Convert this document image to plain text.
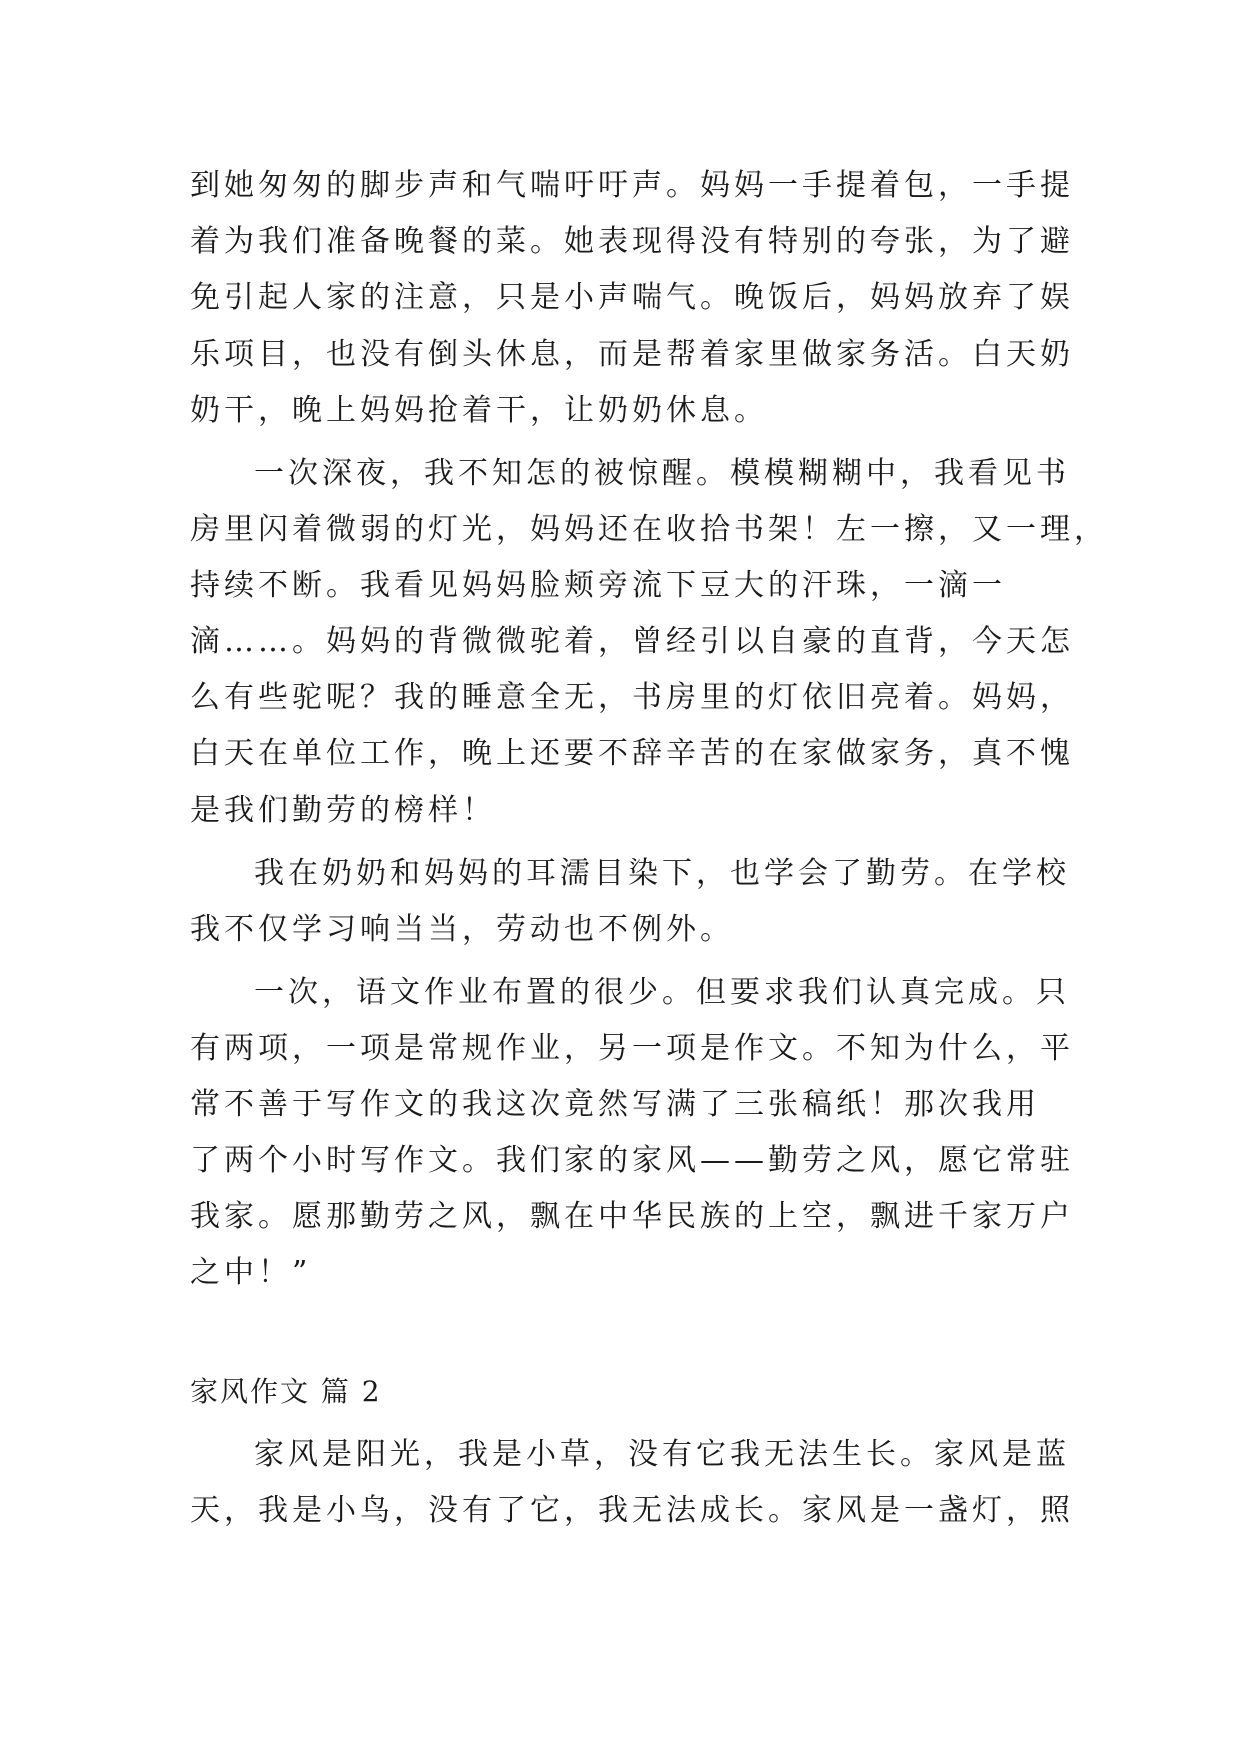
到她匆匆的脚步声和气喘吁吁声。妈妈一手提着包，一手提
着为我们准备晚餐的菜。她表现得没有特别的夸张，为了避
免引起人家的注意，只是小声喘气。晚饭后，妈妈放弃了娱
乐项目，也没有倒头休息，而是帮着家里做家务活。白天奶
奶干，晚上妈妈抢着干，让奶奶休息。
一次深夜，我不知怎的被惊醒。模模糊糊中，我看见书
房里闪着微弱的灯光，妈妈还在收拾书架！左一擦，又一理，
持续不断。我看见妈妈脸颊旁流下豆大的汗珠，一滴一
滴……。妈妈的背微微驼着，曾经引以自豪的直背，今天怎
么有些驼呢？我的睡意全无，书房里的灯依旧亮着。妈妈，
白天在单位工作，晚上还要不辞辛苦的在家做家务，真不愧
是我们勤劳的榜样！
我在奶奶和妈妈的耳濡目染下，也学会了勤劳。在学校
我不仅学习响当当，劳动也不例外。
一次，语文作业布置的很少。但要求我们认真完成。只
有两项，一项是常规作业，另一项是作文。不知为什么，平
常不善于写作文的我这次竟然写满了三张稿纸！那次我用
了两个小时写作文。我们家的家风——勤劳之风，愿它常驻
我家。愿那勤劳之风，飘在中华民族的上空，飘进千家万户
之中！”
家风作文 篇 2
家风是阳光，我是小草，没有它我无法生长。家风是蓝
天，我是小鸟，没有了它，我无法成长。家风是一盏灯，照
